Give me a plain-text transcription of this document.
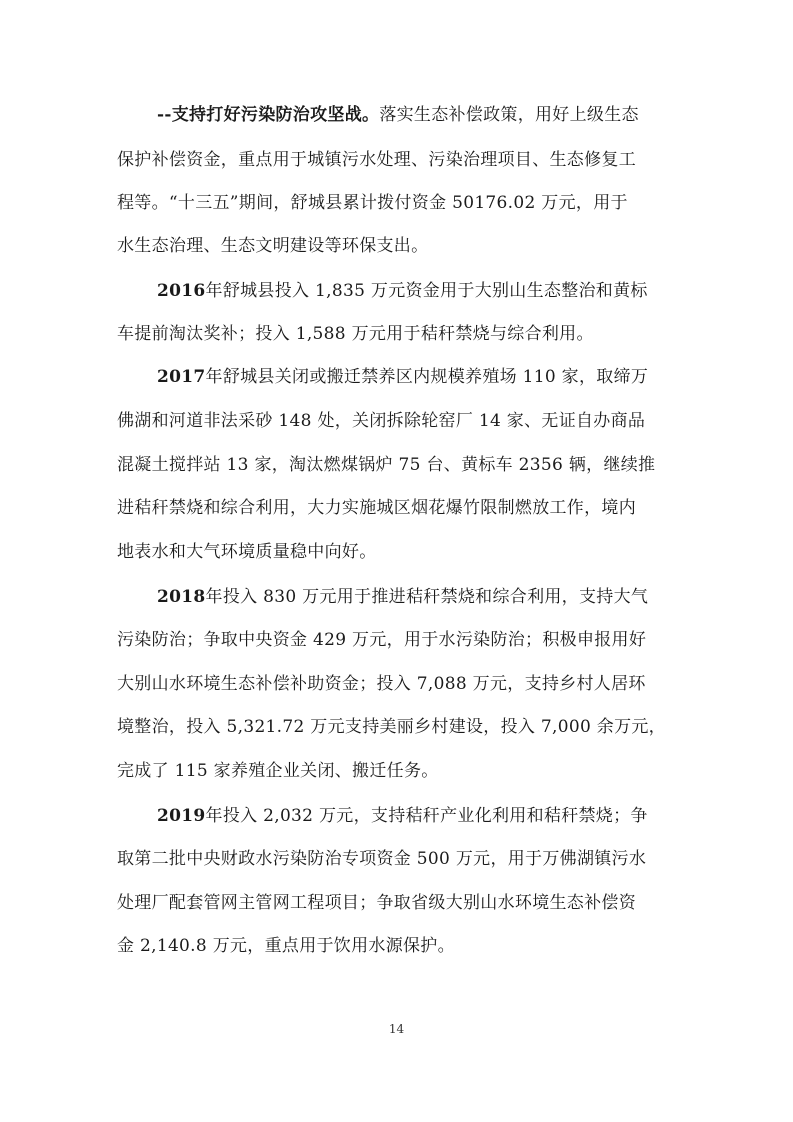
--支持打好污染防治攻坚战。落实生态补偿政策，用好上级生态
保护补偿资金，重点用于城镇污水处理、污染治理项目、生态修复工
程等。“十三五”期间，舒城县累计拨付资金 50176.02 万元，用于
水生态治理、生态文明建设等环保支出。
2016年舒城县投入 1,835 万元资金用于大别山生态整治和黄标
车提前淘汰奖补；投入 1,588 万元用于秸秆禁烧与综合利用。
2017年舒城县关闭或搬迁禁养区内规模养殖场 110 家，取缔万
佛湖和河道非法采砂 148 处，关闭拆除轮窑厂 14 家、无证自办商品
混凝土搅拌站 13 家，淘汰燃煤锅炉 75 台、黄标车 2356 辆，继续推
进秸秆禁烧和综合利用，大力实施城区烟花爆竹限制燃放工作，境内
地表水和大气环境质量稳中向好。
2018年投入 830 万元用于推进秸秆禁烧和综合利用，支持大气
污染防治；争取中央资金 429 万元，用于水污染防治；积极申报用好
大别山水环境生态补偿补助资金；投入 7,088 万元，支持乡村人居环
境整治，投入 5,321.72 万元支持美丽乡村建设，投入 7,000 余万元，
完成了 115 家养殖企业关闭、搬迁任务。
2019年投入 2,032 万元，支持秸秆产业化利用和秸秆禁烧；争
取第二批中央财政水污染防治专项资金 500 万元，用于万佛湖镇污水
处理厂配套管网主管网工程项目；争取省级大别山水环境生态补偿资
金 2,140.8 万元，重点用于饮用水源保护。
14
